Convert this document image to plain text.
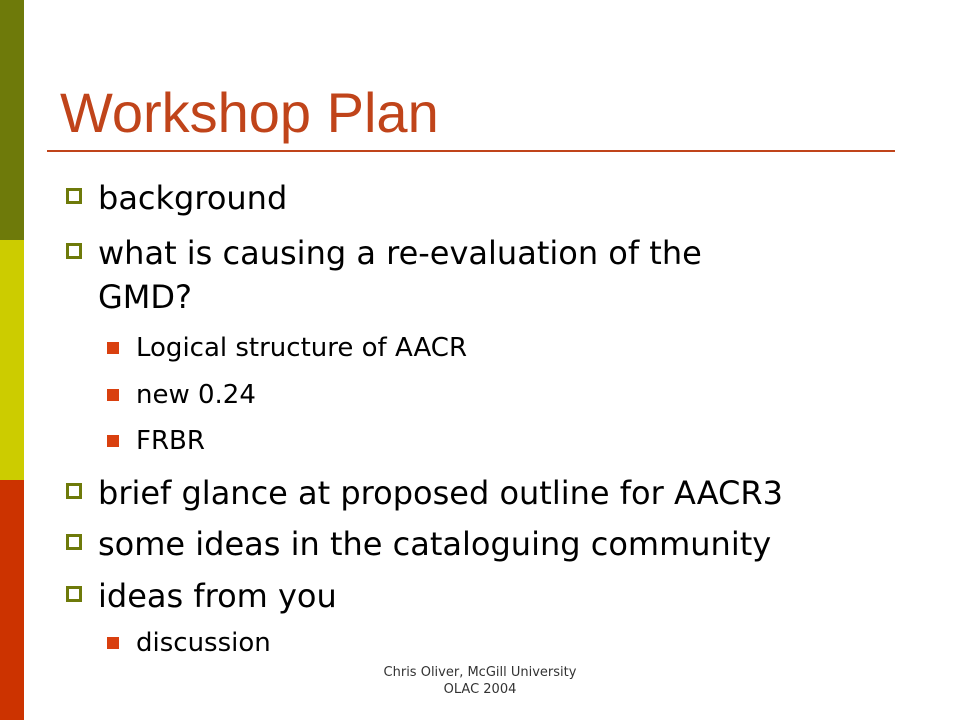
Workshop Plan
background
what is causing a re-evaluation of the
GMD?
Logical structure of AACR
new 0.24
FRBR
brief glance at proposed outline for AACR3
some ideas in the cataloguing community
ideas from you
discussion
Chris Oliver, McGill University
OLAC 2004
